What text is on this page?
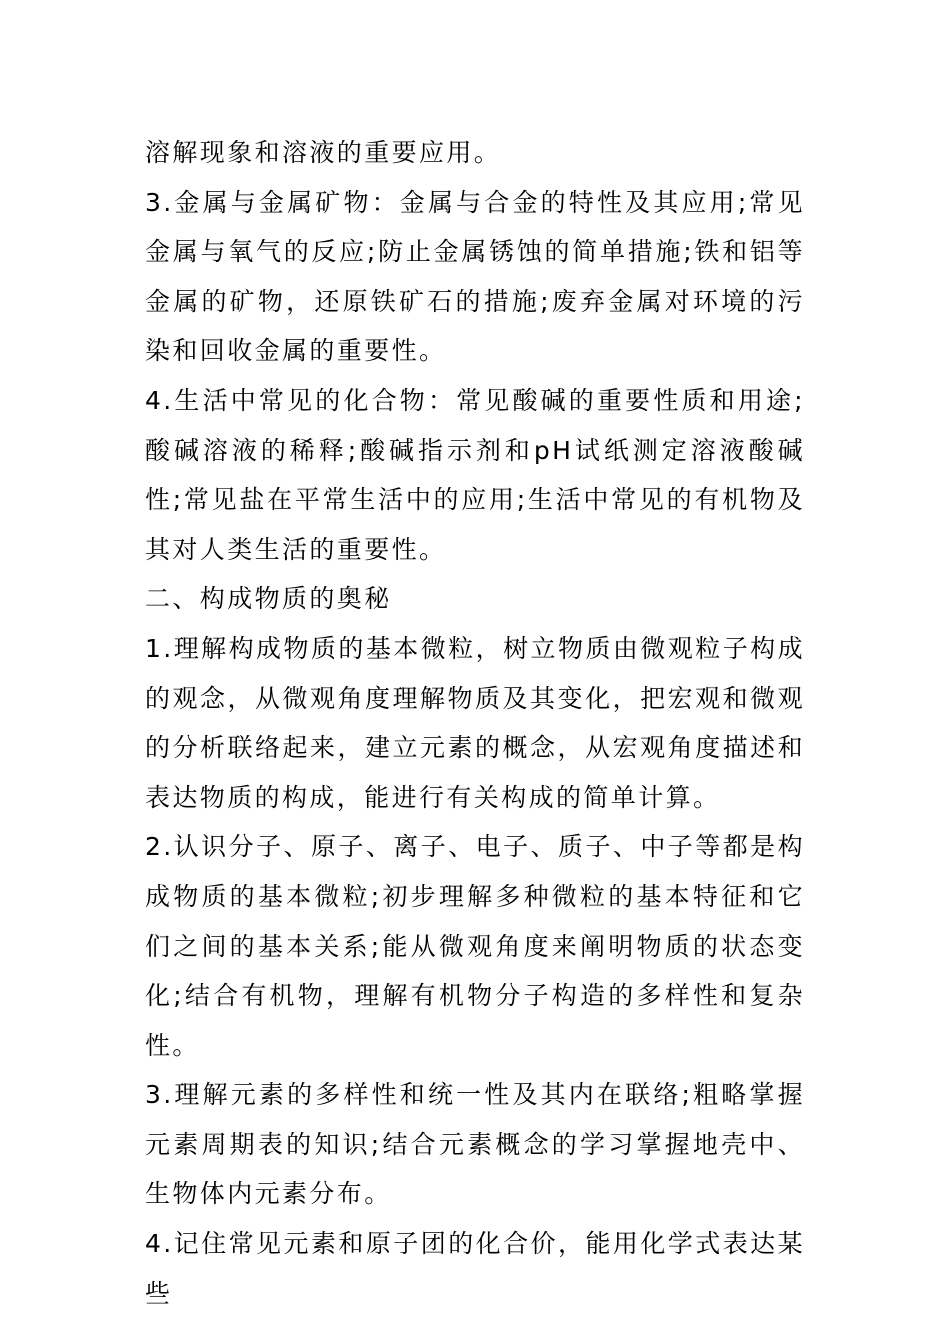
溶解现象和溶液的重要应用。

3.金属与金属矿物：金属与合金的特性及其应用;常见金属与氧气的反应;防止金属锈蚀的简单措施;铁和铝等金属的矿物，还原铁矿石的措施;废弃金属对环境的污染和回收金属的重要性。

4.生活中常见的化合物：常见酸碱的重要性质和用途;酸碱溶液的稀释;酸碱指示剂和pH试纸测定溶液酸碱性;常见盐在平常生活中的应用;生活中常见的有机物及其对人类生活的重要性。

二、构成物质的奥秘

1.理解构成物质的基本微粒，树立物质由微观粒子构成的观念，从微观角度理解物质及其变化，把宏观和微观的分析联络起来，建立元素的概念，从宏观角度描述和表达物质的构成，能进行有关构成的简单计算。

2.认识分子、原子、离子、电子、质子、中子等都是构成物质的基本微粒;初步理解多种微粒的基本特征和它们之间的基本关系;能从微观角度来阐明物质的状态变化;结合有机物，理解有机物分子构造的多样性和复杂性。

3.理解元素的多样性和统一性及其内在联络;粗略掌握元素周期表的知识;结合元素概念的学习掌握地壳中、生物体内元素分布。

4.记住常见元素和原子团的化合价，能用化学式表达某些
